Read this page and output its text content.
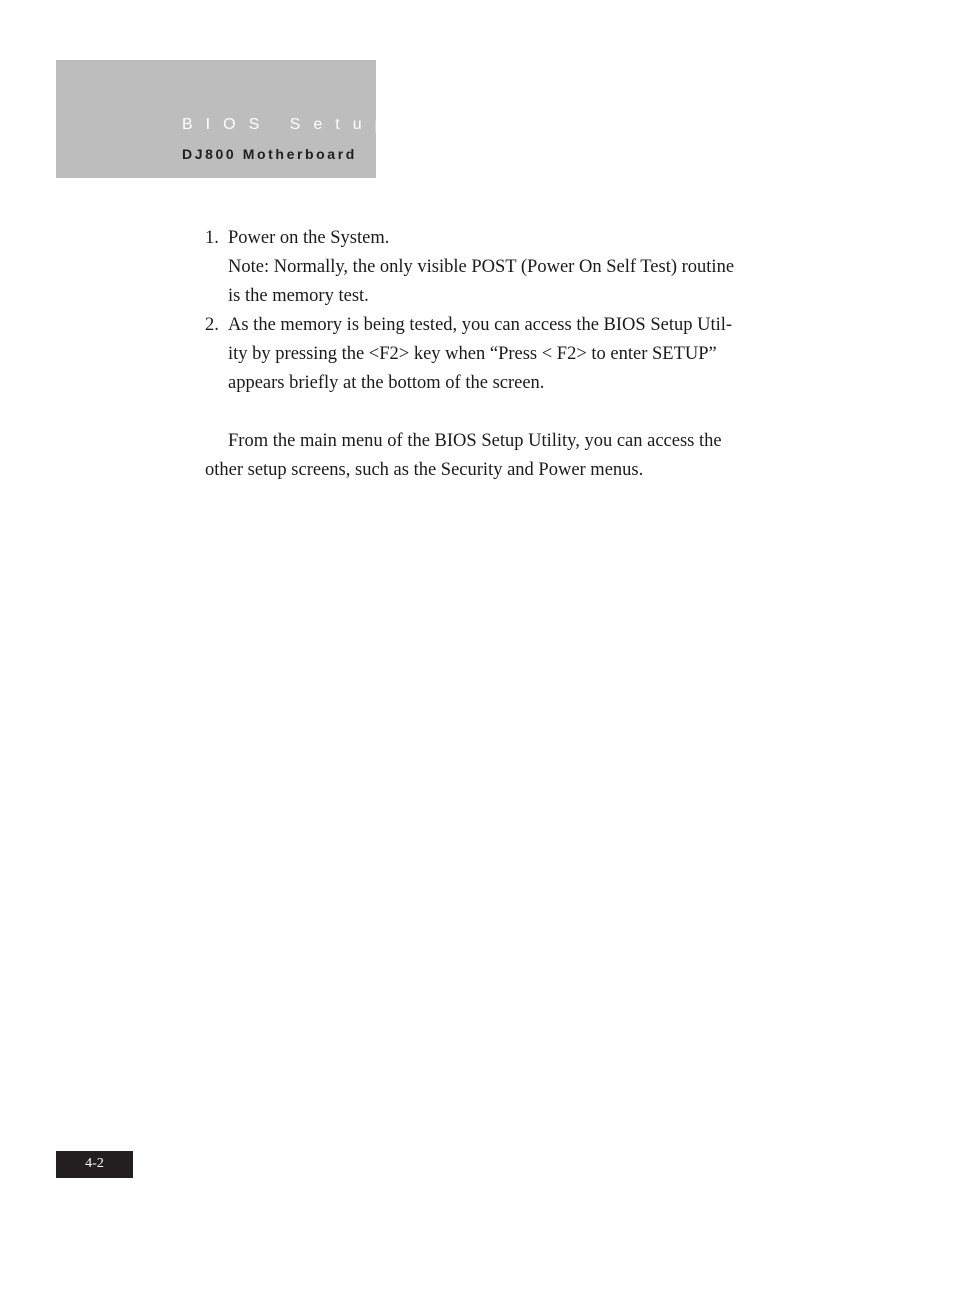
BIOS Setup
DJ800 Motherboard
1. Power on the System.
Note: Normally, the only visible POST (Power On Self Test) routine
is the memory test.
2. As the memory is being tested, you can access the BIOS Setup Util-
ity by pressing the <F2> key when “Press < F2> to enter SETUP”
appears briefly at the bottom of the screen.
From the main menu of the BIOS Setup Utility, you can access the
other setup screens, such as the Security and Power menus.
4-2
